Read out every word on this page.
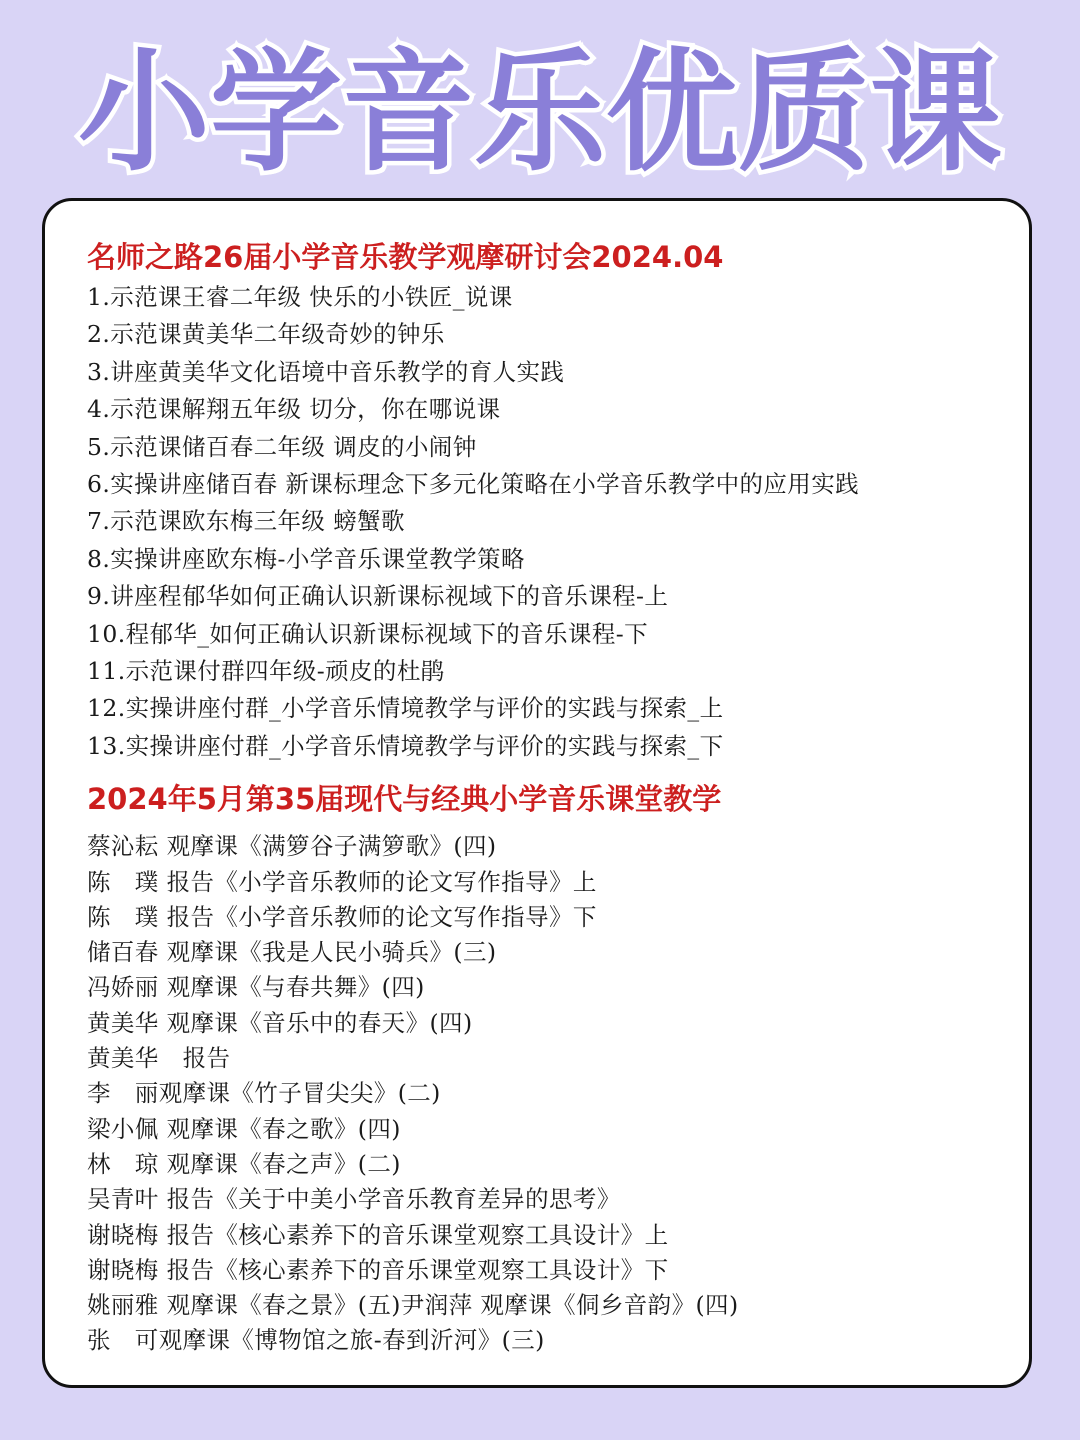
小学音乐优质课
名师之路26届小学音乐教学观摩研讨会2024.04
1.示范课王睿二年级 快乐的小铁匠_说课
2.示范课黄美华二年级奇妙的钟乐
3.讲座黄美华文化语境中音乐教学的育人实践
4.示范课解翔五年级 切分，你在哪说课
5.示范课储百春二年级 调皮的小闹钟
6.实操讲座储百春 新课标理念下多元化策略在小学音乐教学中的应用实践
7.示范课欧东梅三年级 螃蟹歌
8.实操讲座欧东梅-小学音乐课堂教学策略
9.讲座程郁华如何正确认识新课标视域下的音乐课程-上
10.程郁华_如何正确认识新课标视域下的音乐课程-下
11.示范课付群四年级-顽皮的杜鹃
12.实操讲座付群_小学音乐情境教学与评价的实践与探索_上
13.实操讲座付群_小学音乐情境教学与评价的实践与探索_下
2024年5月第35届现代与经典小学音乐课堂教学
蔡沁耘 观摩课《满箩谷子满箩歌》(四)
陈　璞 报告《小学音乐教师的论文写作指导》上
陈　璞 报告《小学音乐教师的论文写作指导》下
储百春 观摩课《我是人民小骑兵》(三)
冯娇丽 观摩课《与春共舞》(四)
黄美华 观摩课《音乐中的春天》(四)
黄美华　报告
李　丽观摩课《竹子冒尖尖》(二)
梁小佩 观摩课《春之歌》(四)
林　琼 观摩课《春之声》(二)
吴青叶 报告《关于中美小学音乐教育差异的思考》
谢晓梅 报告《核心素养下的音乐课堂观察工具设计》上
谢晓梅 报告《核心素养下的音乐课堂观察工具设计》下
姚丽雅 观摩课《春之景》(五)尹润萍 观摩课《侗乡音韵》(四)
张　可观摩课《博物馆之旅-春到沂河》(三)
